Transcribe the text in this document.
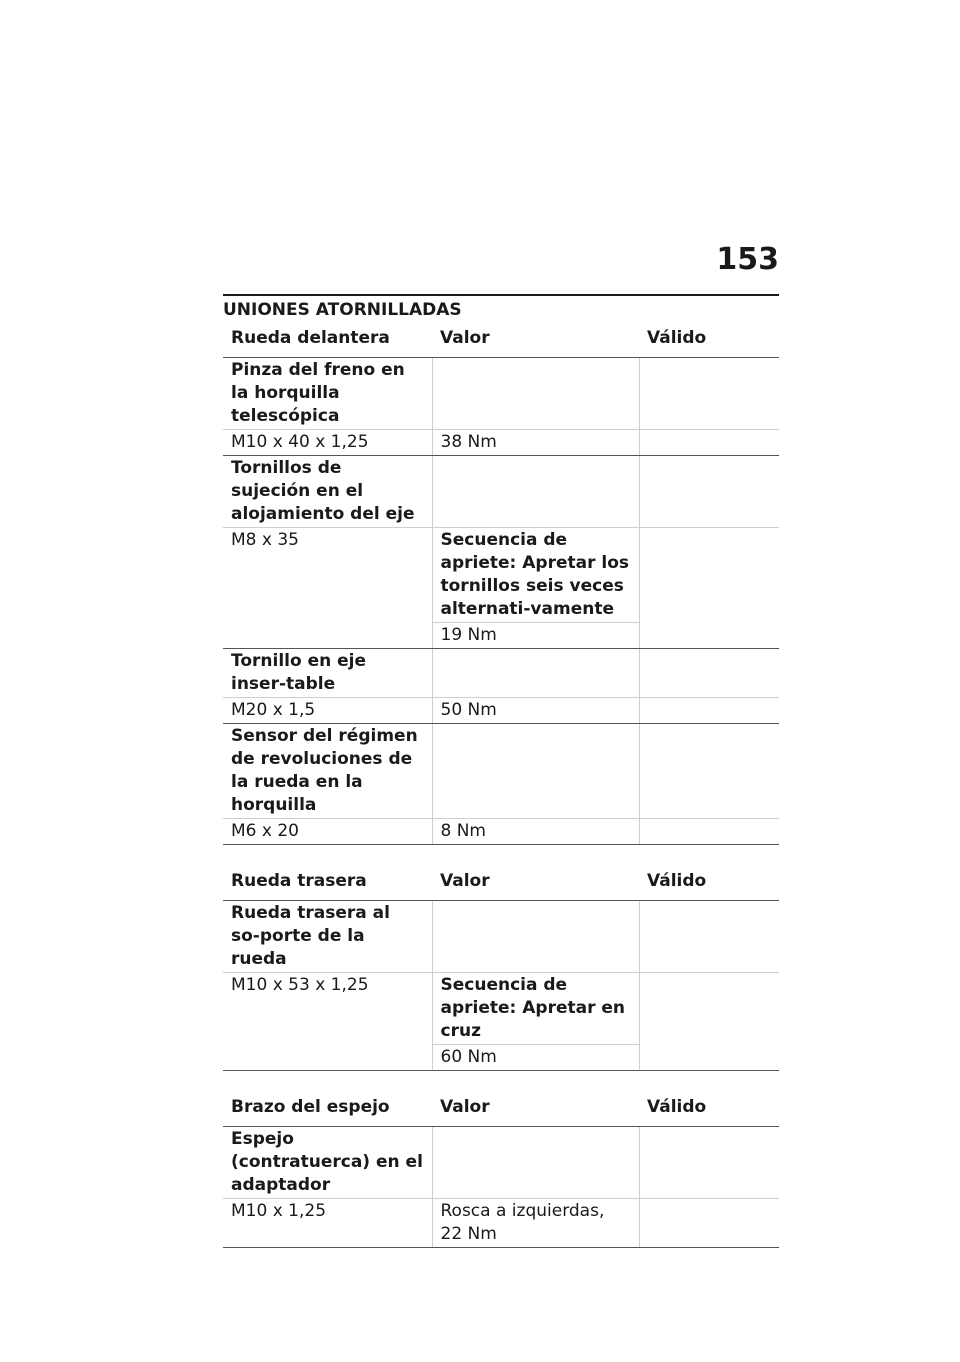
153
UNIONES ATORNILLADAS
Rueda delantera	Valor	Válido
Pinza del freno en la horquilla telescópica		
M10 x 40 x 1,25	38 Nm	
Tornillos de sujeción en el alojamiento del eje		
M8 x 35	Secuencia de apriete: Apretar los tornillos seis veces alternati-vamente	
	19 Nm	
Tornillo en eje inser-table		
M20 x 1,5	50 Nm	
Sensor del régimen de revoluciones de la rueda en la horquilla		
M6 x 20	8 Nm	
Rueda trasera	Valor	Válido
Rueda trasera al so-porte de la rueda		
M10 x 53 x 1,25	Secuencia de apriete: Apretar en cruz	
	60 Nm	
Brazo del espejo	Valor	Válido
Espejo (contratuerca) en el adaptador		
M10 x 1,25	Rosca a izquierdas, 22 Nm	
